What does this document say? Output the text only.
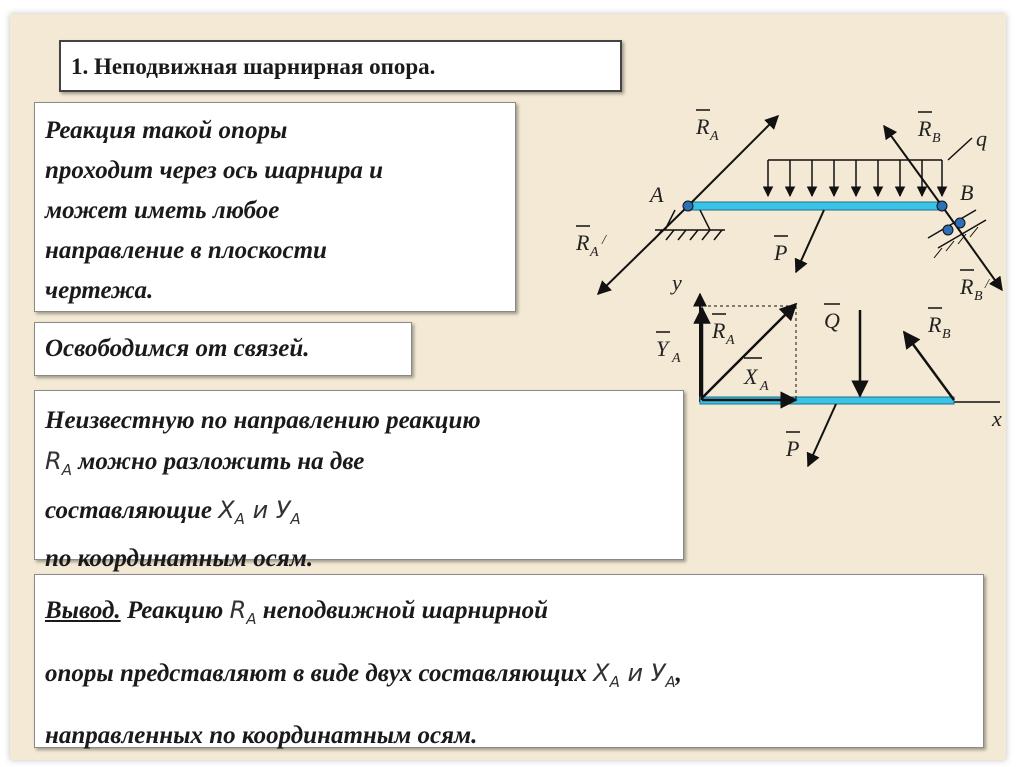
1. Неподвижная шарнирная опора.
Реакция такой опоры
проходит через ось шарнира и
может иметь любое
направление в плоскости
чертежа.
Освободимся от связей.
Неизвестную по направлению реакцию
$R_A$ можно разложить на две
составляющие $X_A$ и $У_A$
по координатным осям.
Вывод. Реакцию $R_A$ неподвижной шарнирной
опоры представляют в виде двух составляющих $X_A$ и $У_A$,
направленных по координатным осям.
R A
R A
/
R B q
A	B
P
R B
/
y
Y A
R A
X A
Q	R B
P
x
